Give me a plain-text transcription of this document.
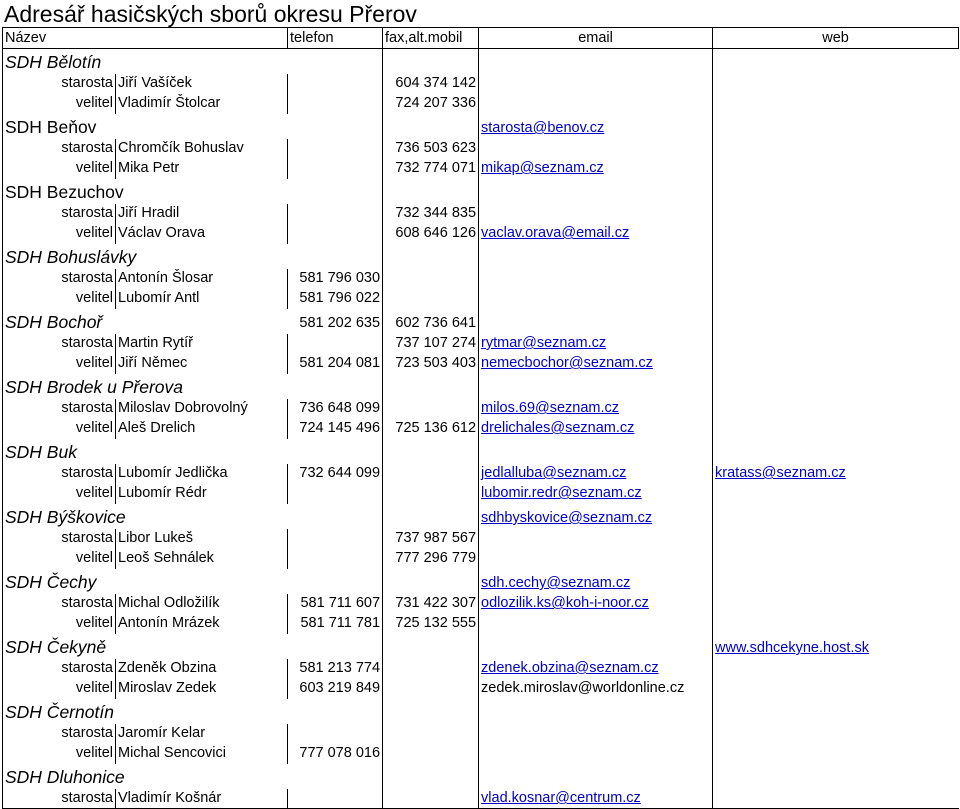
Adresář hasičských sborů okresu Přerov
Název			telefon	fax,alt.mobil	email	web
SDH Bělotín						
	starosta	Jiří Vašíček		604 374 142		
	velitel	Vladimír Štolcar		724 207 336		
SDH Beňov					starosta@benov.cz	
	starosta	Chromčík Bohuslav		736 503 623		
	velitel	Mika Petr		732 774 071	mikap@seznam.cz	
SDH Bezuchov						
	starosta	Jiří Hradil		732 344 835		
	velitel	Václav Orava		608 646 126	vaclav.orava@email.cz	
SDH Bohuslávky						
	starosta	Antonín Šlosar	581 796 030			
	velitel	Lubomír Antl	581 796 022			
SDH Bochoř			581 202 635	602 736 641		
	starosta	Martin Rytíř		737 107 274	rytmar@seznam.cz	
	velitel	Jiří Němec	581 204 081	723 503 403	nemecbochor@seznam.cz	
SDH Brodek u Přerova						
	starosta	Miloslav Dobrovolný	736 648 099		milos.69@seznam.cz	
	velitel	Aleš Drelich	724 145 496	725 136 612	drelichales@seznam.cz	
SDH Buk						
	starosta	Lubomír Jedlička	732 644 099		jedlalluba@seznam.cz	kratass@seznam.cz
	velitel	Lubomír Rédr			lubomir.redr@seznam.cz	
SDH Býškovice					sdhbyskovice@seznam.cz	
	starosta	Libor Lukeš		737 987 567		
	velitel	Leoš Sehnálek		777 296 779		
SDH Čechy					sdh.cechy@seznam.cz	
	starosta	Michal Odložilík	581 711 607	731 422 307	odlozilik.ks@koh-i-noor.cz	
	velitel	Antonín Mrázek	581 711 781	725 132 555		
SDH Čekyně						www.sdhcekyne.host.sk
	starosta	Zdeněk Obzina	581 213 774		zdenek.obzina@seznam.cz	
	velitel	Miroslav Zedek	603 219 849		zedek.miroslav@worldonline.cz	
SDH Černotín						
	starosta	Jaromír Kelar				
	velitel	Michal Sencovici	777 078 016			
SDH Dluhonice						
	starosta	Vladimír Košnár			vlad.kosnar@centrum.cz	
